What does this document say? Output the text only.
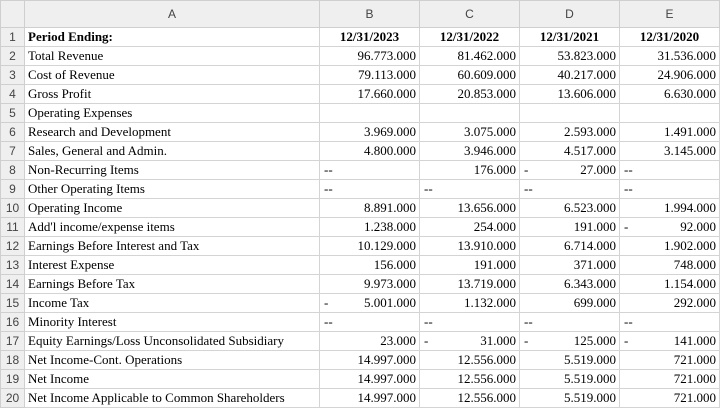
	A	B	C	D	E
1	Period Ending:	12/31/2023	12/31/2022	12/31/2021	12/31/2020
2	Total Revenue	96.773.000	81.462.000	53.823.000	31.536.000
3	Cost of Revenue	79.113.000	60.609.000	40.217.000	24.906.000
4	Gross Profit	17.660.000	20.853.000	13.606.000	6.630.000
5	Operating Expenses				
6	Research and Development	3.969.000	3.075.000	2.593.000	1.491.000
7	Sales, General and Admin.	4.800.000	3.946.000	4.517.000	3.145.000
8	Non-Recurring Items	--	176.000	- 27.000	--

9	Other Operating Items	--	--	--	--

10	Operating Income	8.891.000	13.656.000	6.523.000	1.994.000
11	Add'l income/expense items	1.238.000	254.000	191.000	- 92.000
12	Earnings Before Interest and Tax	10.129.000	13.910.000	6.714.000	1.902.000
13	Interest Expense	156.000	191.000	371.000	748.000
14	Earnings Before Tax	9.973.000	13.719.000	6.343.000	1.154.000
15	Income Tax	- 5.001.000	1.132.000	699.000	292.000
16	Minority Interest	--	--	--	--

17	Equity Earnings/Loss Unconsolidated Subsidiary	23.000	- 31.000	- 125.000	- 141.000
18	Net Income-Cont. Operations	14.997.000	12.556.000	5.519.000	721.000
19	Net Income	14.997.000	12.556.000	5.519.000	721.000
20	Net Income Applicable to Common Shareholders	14.997.000	12.556.000	5.519.000	721.000
